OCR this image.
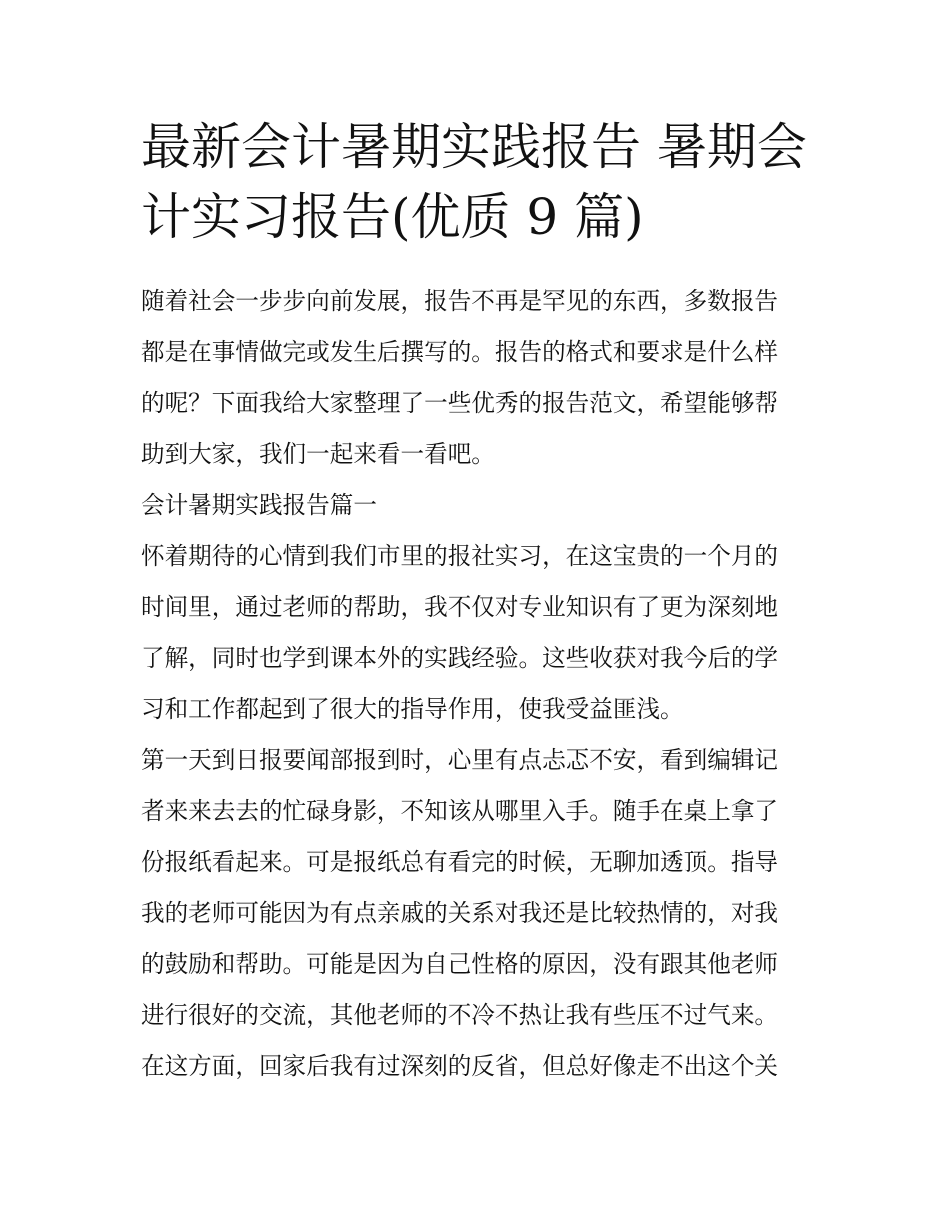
最新会计暑期实践报告 暑期会
计实习报告(优质 9 篇)

随着社会一步步向前发展，报告不再是罕见的东西，多数报告
都是在事情做完或发生后撰写的。报告的格式和要求是什么样
的呢？下面我给大家整理了一些优秀的报告范文，希望能够帮
助到大家，我们一起来看一看吧。

会计暑期实践报告篇一

怀着期待的心情到我们市里的报社实习，在这宝贵的一个月的
时间里，通过老师的帮助，我不仅对专业知识有了更为深刻地
了解，同时也学到课本外的实践经验。这些收获对我今后的学
习和工作都起到了很大的指导作用，使我受益匪浅。

第一天到日报要闻部报到时，心里有点忐忑不安，看到编辑记
者来来去去的忙碌身影，不知该从哪里入手。随手在桌上拿了
份报纸看起来。可是报纸总有看完的时候，无聊加透顶。指导
我的老师可能因为有点亲戚的关系对我还是比较热情的，对我
的鼓励和帮助。可能是因为自己性格的原因，没有跟其他老师
进行很好的交流，其他老师的不冷不热让我有些压不过气来。
在这方面，回家后我有过深刻的反省，但总好像走不出这个关
